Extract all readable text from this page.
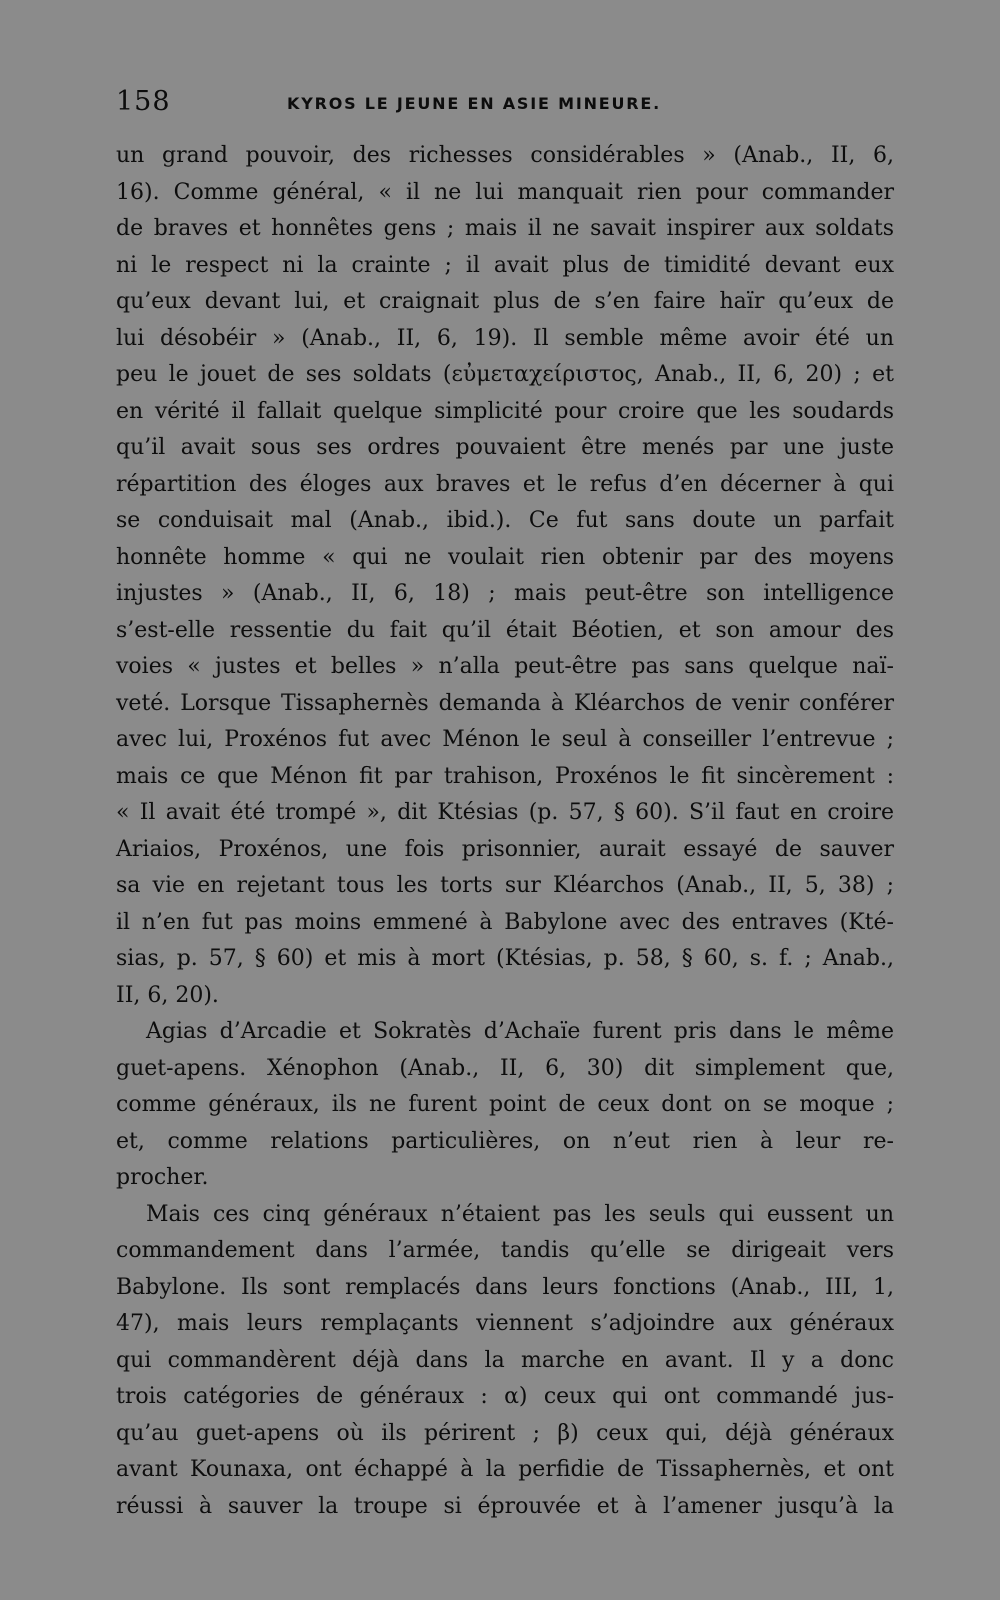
158	KYROS LE JEUNE EN ASIE MINEURE.
un grand pouvoir, des richesses considérables » (Anab., II, 6,
16). Comme général, « il ne lui manquait rien pour commander
de braves et honnêtes gens ; mais il ne savait inspirer aux soldats
ni le respect ni la crainte ; il avait plus de timidité devant eux
qu’eux devant lui, et craignait plus de s’en faire haïr qu’eux de
lui désobéir » (Anab., II, 6, 19). Il semble même avoir été un
peu le jouet de ses soldats (εὐμεταχείριστος, Anab., II, 6, 20) ; et
en vérité il fallait quelque simplicité pour croire que les soudards
qu’il avait sous ses ordres pouvaient être menés par une juste
répartition des éloges aux braves et le refus d’en décerner à qui
se conduisait mal (Anab., ibid.). Ce fut sans doute un parfait
honnête homme « qui ne voulait rien obtenir par des moyens
injustes » (Anab., II, 6, 18) ; mais peut-être son intelligence
s’est-elle ressentie du fait qu’il était Béotien, et son amour des
voies « justes et belles » n’alla peut-être pas sans quelque naï-
veté. Lorsque Tissaphernès demanda à Kléarchos de venir conférer
avec lui, Proxénos fut avec Ménon le seul à conseiller l’entrevue ;
mais ce que Ménon fit par trahison, Proxénos le fit sincèrement :
« Il avait été trompé », dit Ktésias (p. 57, § 60). S’il faut en croire
Ariaios, Proxénos, une fois prisonnier, aurait essayé de sauver
sa vie en rejetant tous les torts sur Kléarchos (Anab., II, 5, 38) ;
il n’en fut pas moins emmené à Babylone avec des entraves (Kté-
sias, p. 57, § 60) et mis à mort (Ktésias, p. 58, § 60, s. f. ; Anab.,
II, 6, 20).
Agias d’Arcadie et Sokratès d’Achaïe furent pris dans le même
guet-apens. Xénophon (Anab., II, 6, 30) dit simplement que,
comme généraux, ils ne furent point de ceux dont on se moque ;
et, comme relations particulières, on n’eut rien à leur re-
procher.
Mais ces cinq généraux n’étaient pas les seuls qui eussent un
commandement dans l’armée, tandis qu’elle se dirigeait vers
Babylone. Ils sont remplacés dans leurs fonctions (Anab., III, 1,
47), mais leurs remplaçants viennent s’adjoindre aux généraux
qui commandèrent déjà dans la marche en avant. Il y a donc
trois catégories de généraux : α) ceux qui ont commandé jus-
qu’au guet-apens où ils périrent ; β) ceux qui, déjà généraux
avant Kounaxa, ont échappé à la perfidie de Tissaphernès, et ont
réussi à sauver la troupe si éprouvée et à l’amener jusqu’à la
